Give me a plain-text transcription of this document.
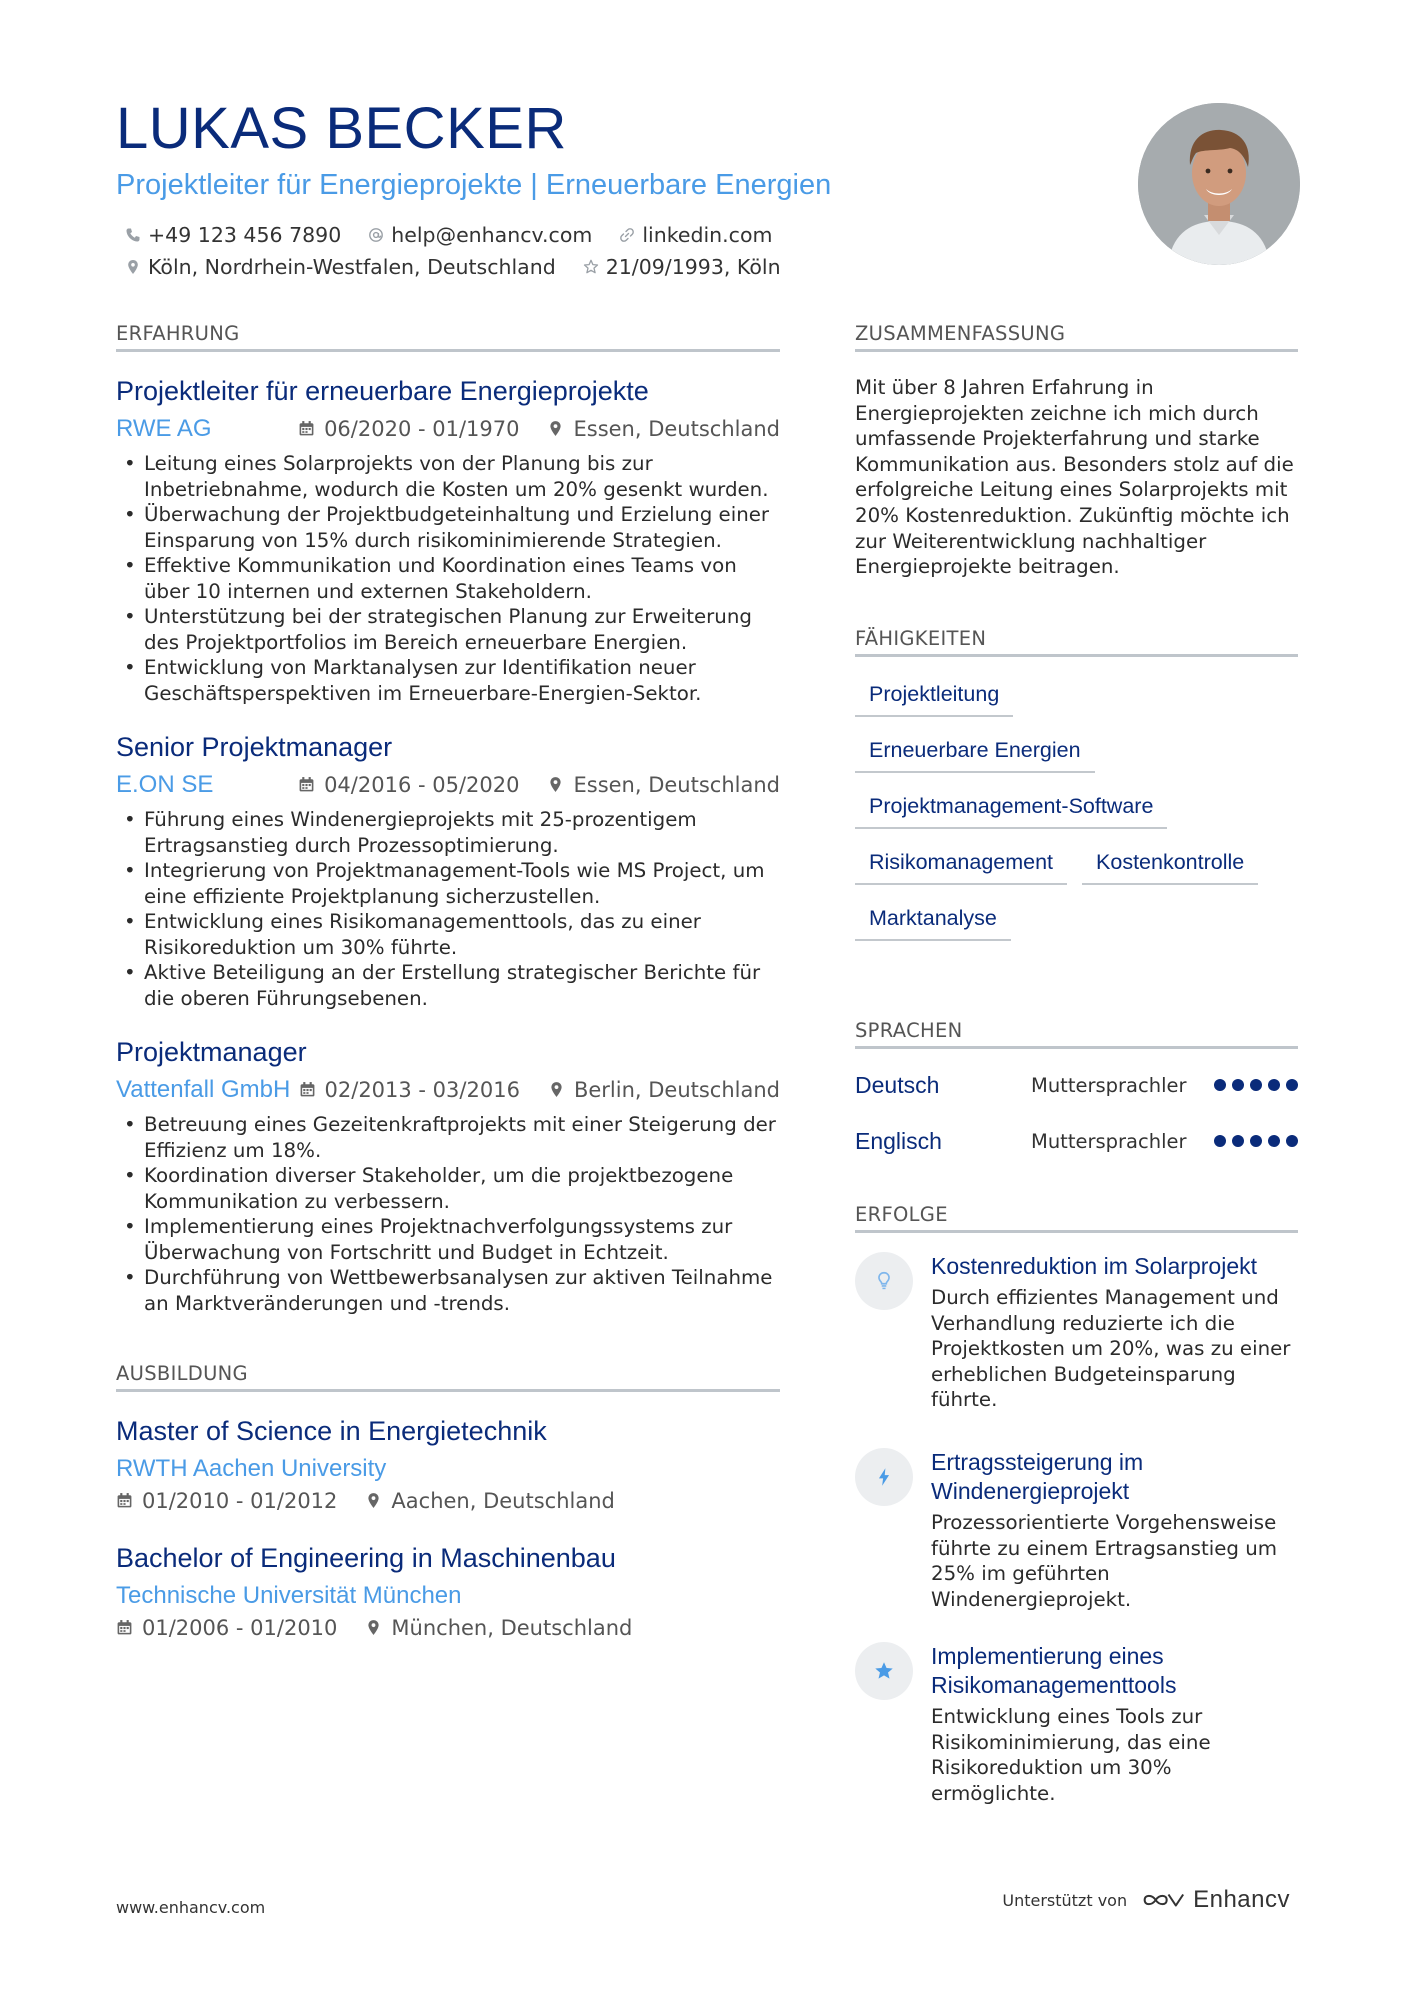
LUKAS BECKER
Projektleiter für Energieprojekte | Erneuerbare Energien
+49 123 456 7890 help@enhancv.com linkedin.com
Köln, Nordrhein-Westfalen, Deutschland 21/09/1993, Köln
ERFAHRUNG
Projektleiter für erneuerbare Energieprojekte
RWE AG	06/2020 - 01/1970	Essen, Deutschland
• Leitung eines Solarprojekts von der Planung bis zur Inbetriebnahme, wodurch die Kosten um 20% gesenkt wurden.
• Überwachung der Projektbudgeteinhaltung und Erzielung einer Einsparung von 15% durch risikominimierende Strategien.
• Effektive Kommunikation und Koordination eines Teams von über 10 internen und externen Stakeholdern.
• Unterstützung bei der strategischen Planung zur Erweiterung des Projektportfolios im Bereich erneuerbare Energien.
• Entwicklung von Marktanalysen zur Identifikation neuer Geschäftsperspektiven im Erneuerbare-Energien-Sektor.
Senior Projektmanager
E.ON SE	04/2016 - 05/2020	Essen, Deutschland
• Führung eines Windenergieprojekts mit 25-prozentigem Ertragsanstieg durch Prozessoptimierung.
• Integrierung von Projektmanagement-Tools wie MS Project, um eine effiziente Projektplanung sicherzustellen.
• Entwicklung eines Risikomanagementtools, das zu einer Risikoreduktion um 30% führte.
• Aktive Beteiligung an der Erstellung strategischer Berichte für die oberen Führungsebenen.
Projektmanager
Vattenfall GmbH 02/2013 - 03/2016	Berlin, Deutschland
• Betreuung eines Gezeitenkraftprojekts mit einer Steigerung der Effizienz um 18%.
• Koordination diverser Stakeholder, um die projektbezogene Kommunikation zu verbessern.
• Implementierung eines Projektnachverfolgungssystems zur Überwachung von Fortschritt und Budget in Echtzeit.
• Durchführung von Wettbewerbsanalysen zur aktiven Teilnahme an Marktveränderungen und -trends.
AUSBILDUNG
Master of Science in Energietechnik
RWTH Aachen University
01/2010 - 01/2012	Aachen, Deutschland
Bachelor of Engineering in Maschinenbau
Technische Universität München
01/2006 - 01/2010	München, Deutschland
ZUSAMMENFASSUNG
Mit über 8 Jahren Erfahrung in Energieprojekten zeichne ich mich durch umfassende Projekterfahrung und starke Kommunikation aus. Besonders stolz auf die erfolgreiche Leitung eines Solarprojekts mit 20% Kostenreduktion. Zukünftig möchte ich zur Weiterentwicklung nachhaltiger Energieprojekte beitragen.
FÄHIGKEITEN
Projektleitung
Erneuerbare Energien
Projektmanagement-Software
Risikomanagement	Kostenkontrolle
Marktanalyse
SPRACHEN
Deutsch	Muttersprachler
Englisch	Muttersprachler
ERFOLGE
Kostenreduktion im Solarprojekt
Durch effizientes Management und Verhandlung reduzierte ich die Projektkosten um 20%, was zu einer erheblichen Budgeteinsparung führte.
Ertragssteigerung im Windenergieprojekt
Prozessorientierte Vorgehensweise führte zu einem Ertragsanstieg um 25% im geführten Windenergieprojekt.
Implementierung eines Risikomanagementtools
Entwicklung eines Tools zur Risikominimierung, das eine Risikoreduktion um 30% ermöglichte.
www.enhancv.com	Unterstützt von	Enhancv
